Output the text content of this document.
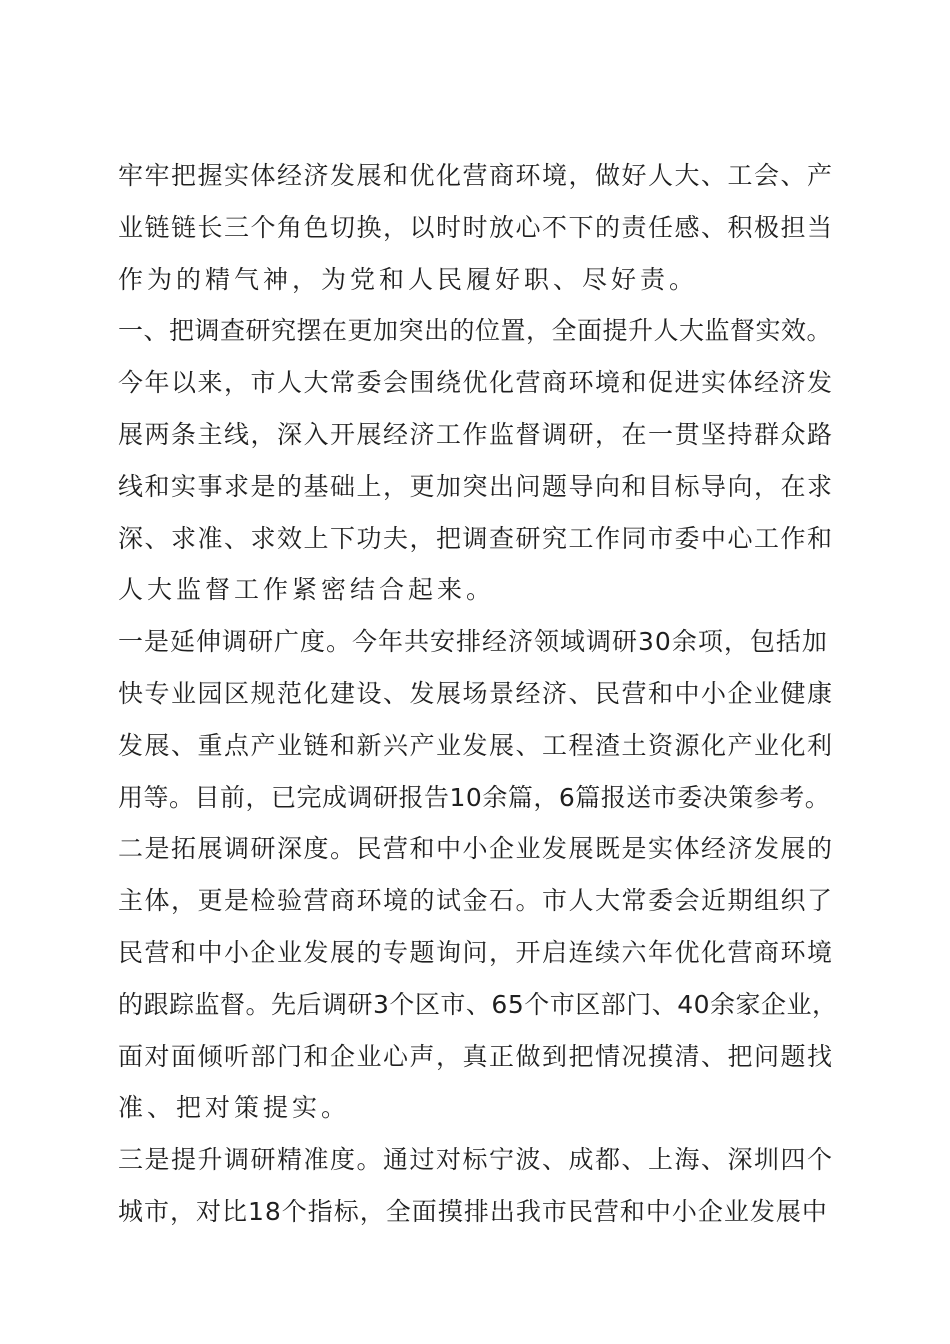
牢牢把握实体经济发展和优化营商环境，做好人大、工会、产
业链链长三个角色切换，以时时放心不下的责任感、积极担当
作为的精气神，为党和人民履好职、尽好责。
一、把调查研究摆在更加突出的位置，全面提升人大监督实效。
今年以来，市人大常委会围绕优化营商环境和促进实体经济发
展两条主线，深入开展经济工作监督调研，在一贯坚持群众路
线和实事求是的基础上，更加突出问题导向和目标导向，在求
深、求准、求效上下功夫，把调查研究工作同市委中心工作和
人大监督工作紧密结合起来。
一是延伸调研广度。今年共安排经济领域调研30余项，包括加
快专业园区规范化建设、发展场景经济、民营和中小企业健康
发展、重点产业链和新兴产业发展、工程渣土资源化产业化利
用等。目前，已完成调研报告10余篇，6篇报送市委决策参考。
二是拓展调研深度。民营和中小企业发展既是实体经济发展的
主体，更是检验营商环境的试金石。市人大常委会近期组织了
民营和中小企业发展的专题询问，开启连续六年优化营商环境
的跟踪监督。先后调研3个区市、65个市区部门、40余家企业，
面对面倾听部门和企业心声，真正做到把情况摸清、把问题找
准、把对策提实。
三是提升调研精准度。通过对标宁波、成都、上海、深圳四个
城市，对比18个指标，全面摸排出我市民营和中小企业发展中
